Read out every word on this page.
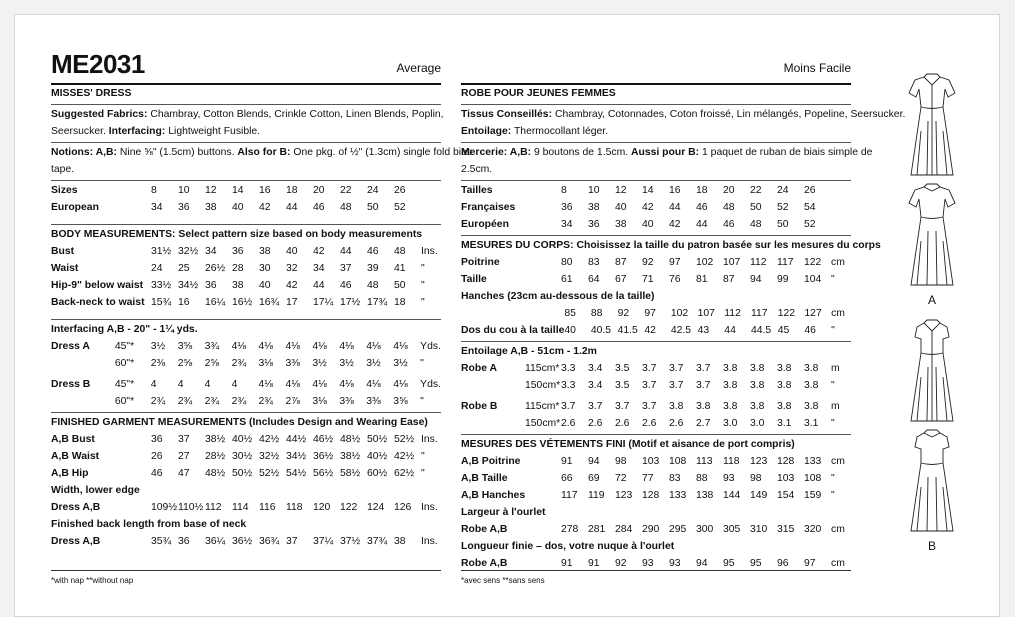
ME2031	Average
MISSES' DRESS
Suggested Fabrics: Chambray, Cotton Blends, Crinkle Cotton, Linen Blends, Poplin,
Seersucker. Interfacing: Lightweight Fusible.
Notions: A,B: Nine ⅝" (1.5cm) buttons. Also for B: One pkg. of ½" (1.3cm) single fold bias
tape.
Sizes	8	10	12	14	16	18	20	22	24	26
European	34	36	38	40	42	44	46	48	50	52
BODY MEASUREMENTS: Select pattern size based on body measurements
Bust	31½	32½	34	36	38	40	42	44	46	48	Ins.
Waist	24	25	26½	28	30	32	34	37	39	41	"
Hip-9" below waist	33½	34½	36	38	40	42	44	46	48	50	"
Back-neck to waist	15¾	16	16¼	16½	16¾	17	17¼	17½	17¾	18	"
Interfacing A,B - 20" - 1¼ yds.
Dress A	45"*	3½	3⅝	3¾	4⅛	4⅛	4⅛	4⅛	4⅛	4⅛	4⅛	Yds.
	60"*	2⅜	2⅝	2⅝	2¾	3⅛	3⅜	3½	3½	3½	3½	"
Dress B	45"*	4	4	4	4	4⅛	4⅛	4⅛	4⅛	4⅛	4⅛	Yds.
	60"*	2¾	2¾	2¾	2¾	2¾	2⅞	3⅛	3⅜	3⅜	3⅝	"
FINISHED GARMENT MEASUREMENTS (Includes Design and Wearing Ease)
A,B Bust	36	37	38½	40½	42½	44½	46½	48½	50½	52½	Ins.
A,B Waist	26	27	28½	30½	32½	34½	36½	38½	40½	42½	"
A,B Hip	46	47	48½	50½	52½	54½	56½	58½	60½	62½	"
Width, lower edge
Dress A,B	109½	110½	112	114	116	118	120	122	124	126	Ins.
Finished back length from base of neck
Dress A,B	35¾	36	36¼	36½	36¾	37	37¼	37½	37¾	38	Ins.
*with nap **without nap
Moins Facile
ROBE POUR JEUNES FEMMES
Tissus Conseillés: Chambray, Cotonnades, Coton froissé, Lin mélangés, Popeline, Seersucker.
Entoilage: Thermocollant léger.
Mercerie: A,B: 9 boutons de 1.5cm. Aussi pour B: 1 paquet de ruban de biais simple de
2.5cm.
Tailles	8	10	12	14	16	18	20	22	24	26
Françaises	36	38	40	42	44	46	48	50	52	54
Européen	34	36	38	40	42	44	46	48	50	52
MESURES DU CORPS: Choisissez la taille du patron basée sur les mesures du corps
Poitrine	80	83	87	92	97	102	107	112	117	122	cm
Taille	61	64	67	71	76	81	87	94	99	104	"
Hanches (23cm au-dessous de la taille)
	85	88	92	97	102	107	112	117	122	127	cm
Dos du cou à la taille	40	40.5	41.5	42	42.5	43	44	44.5	45	46	"
Entoilage A,B - 51cm - 1.2m
Robe A	115cm*	3.3	3.4	3.5	3.7	3.7	3.7	3.8	3.8	3.8	3.8	m
	150cm*	3.3	3.4	3.5	3.7	3.7	3.7	3.8	3.8	3.8	3.8	"
Robe B	115cm*	3.7	3.7	3.7	3.7	3.8	3.8	3.8	3.8	3.8	3.8	m
	150cm*	2.6	2.6	2.6	2.6	2.6	2.7	3.0	3.0	3.1	3.1	"
MESURES DES VÉTEMENTS FINI (Motif et aisance de port compris)
A,B Poitrine	91	94	98	103	108	113	118	123	128	133	cm
A,B Taille	66	69	72	77	83	88	93	98	103	108	"
A,B Hanches	117	119	123	128	133	138	144	149	154	159	"
Largeur à l'ourlet
Robe A,B	278	281	284	290	295	300	305	310	315	320	cm
Longueur finie – dos, votre nuque à l'ourlet
Robe A,B	91	91	92	93	93	94	95	95	96	97	cm
*avec sens **sans sens
A
B
